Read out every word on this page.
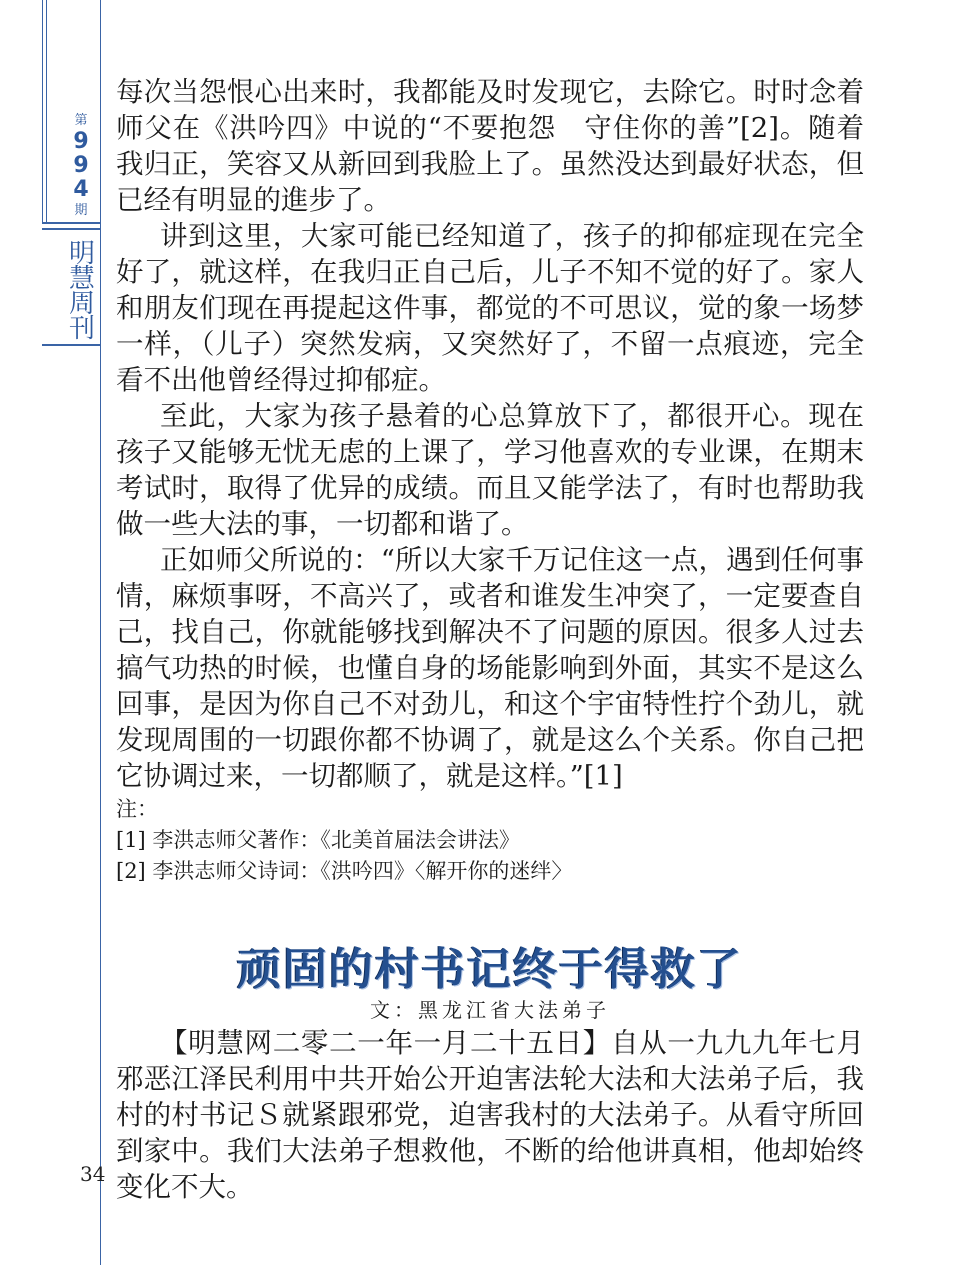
第
9
9
4
期
明
慧
周
刊
34

每次当怨恨心出来时，我都能及时发现它，去除它。时时念着师父在《洪吟四》中说的“不要抱怨　守住你的善”[2]。随着我归正，笑容又从新回到我脸上了。虽然没达到最好状态，但已经有明显的進步了。

讲到这里，大家可能已经知道了，孩子的抑郁症现在完全好了，就这样，在我归正自己后，儿子不知不觉的好了。家人和朋友们现在再提起这件事，都觉的不可思议，觉的象一场梦一样，（儿子）突然发病，又突然好了，不留一点痕迹，完全看不出他曾经得过抑郁症。

至此，大家为孩子悬着的心总算放下了，都很开心。现在孩子又能够无忧无虑的上课了，学习他喜欢的专业课，在期末考试时，取得了优异的成绩。而且又能学法了，有时也帮助我做一些大法的事，一切都和谐了。

正如师父所说的：“所以大家千万记住这一点，遇到任何事情，麻烦事呀，不高兴了，或者和谁发生冲突了，一定要查自己，找自己，你就能够找到解决不了问题的原因。很多人过去搞气功热的时候，也懂自身的场能影响到外面，其实不是这么回事，是因为你自己不对劲儿，和这个宇宙特性拧个劲儿，就发现周围的一切跟你都不协调了，就是这么个关系。你自己把它协调过来，一切都顺了，就是这样。”[1]

注：

[1] 李洪志师父著作：《北美首届法会讲法》

[2] 李洪志师父诗词：《洪吟四》〈解开你的迷绊〉

顽固的村书记终于得救了

文：黑龙江省大法弟子

【明慧网二零二一年一月二十五日】自从一九九九年七月邪恶江泽民利用中共开始公开迫害法轮大法和大法弟子后，我村的村书记Ｓ就紧跟邪党，迫害我村的大法弟子。从看守所回到家中。我们大法弟子想救他，不断的给他讲真相，他却始终变化不大。
